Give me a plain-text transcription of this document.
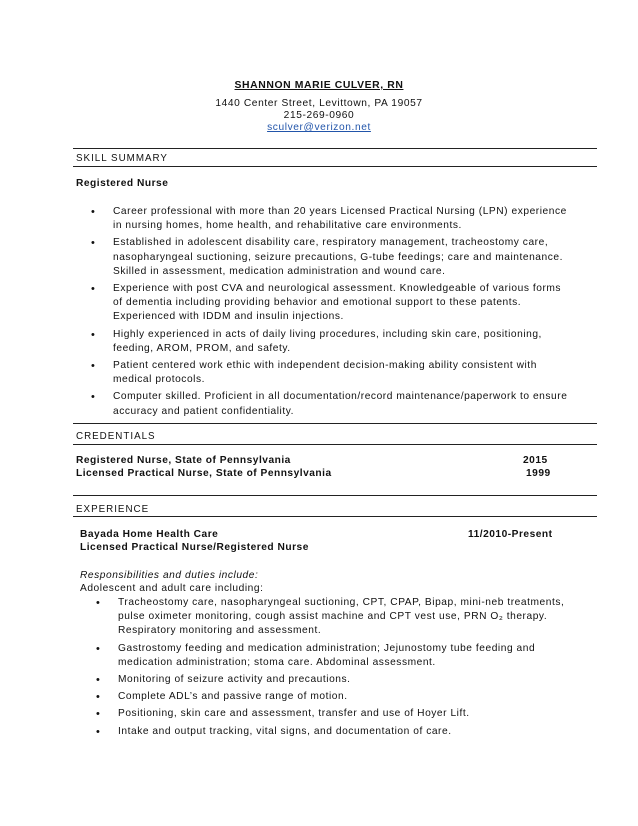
SHANNON MARIE CULVER, RN
1440 Center Street, Levittown, PA 19057
215-269-0960
sculver@verizon.net
SKILL SUMMARY
Registered Nurse
• Career professional with more than 20 years Licensed Practical Nursing (LPN) experience in nursing homes, home health, and rehabilitative care environments.
• Established in adolescent disability care, respiratory management, tracheostomy care, nasopharyngeal suctioning, seizure precautions, G-tube feedings; care and maintenance. Skilled in assessment, medication administration and wound care.
• Experience with post CVA and neurological assessment. Knowledgeable of various forms of dementia including providing behavior and emotional support to these patents. Experienced with IDDM and insulin injections.
• Highly experienced in acts of daily living procedures, including skin care, positioning, feeding, AROM, PROM, and safety.
• Patient centered work ethic with independent decision-making ability consistent with medical protocols.
• Computer skilled. Proficient in all documentation/record maintenance/paperwork to ensure accuracy and patient confidentiality.
CREDENTIALS
Registered Nurse, State of Pennsylvania	2015
Licensed Practical Nurse, State of Pennsylvania	1999
EXPERIENCE
Bayada Home Health Care	11/2010-Present
Licensed Practical Nurse/Registered Nurse
Responsibilities and duties include:
Adolescent and adult care including:
• Tracheostomy care, nasopharyngeal suctioning, CPT, CPAP, Bipap, mini-neb treatments, pulse oximeter monitoring, cough assist machine and CPT vest use, PRN O₂ therapy. Respiratory monitoring and assessment.
• Gastrostomy feeding and medication administration; Jejunostomy tube feeding and medication administration; stoma care. Abdominal assessment.
• Monitoring of seizure activity and precautions.
• Complete ADL’s and passive range of motion.
• Positioning, skin care and assessment, transfer and use of Hoyer Lift.
• Intake and output tracking, vital signs, and documentation of care.
